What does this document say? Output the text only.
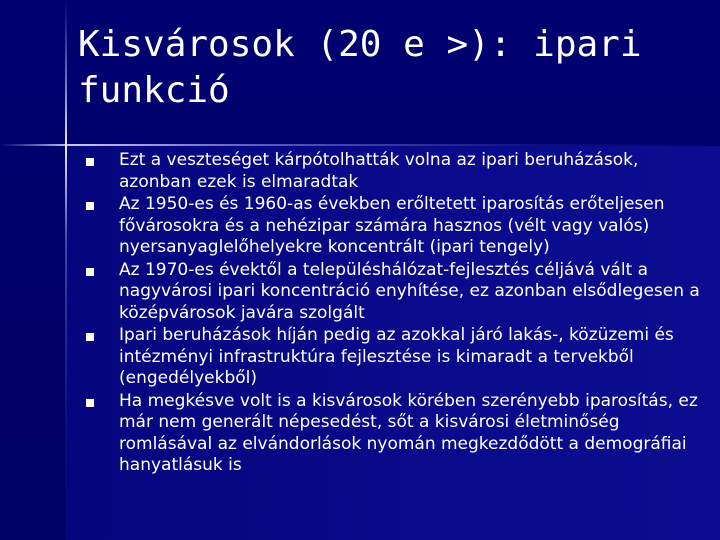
Kisvárosok (20 e >): ipari
funkció
Ezt a veszteséget kárpótolhatták volna az ipari beruházások, azonban ezek is elmaradtak
Az 1950-es és 1960-as években erőltetett iparosítás erőteljesen fővárosokra és a nehézipar számára hasznos (vélt vagy valós) nyersanyaglelőhelyekre koncentrált (ipari tengely)
Az 1970-es évektől a településhálózat-fejlesztés céljává vált a nagyvárosi ipari koncentráció enyhítése, ez azonban elsődlegesen a középvárosok javára szolgált
Ipari beruházások híján pedig az azokkal járó lakás-, közüzemi és intézményi infrastruktúra fejlesztése is kimaradt a tervekből (engedélyekből)
Ha megkésve volt is a kisvárosok körében szerényebb iparosítás, ez már nem generált népesedést, sőt a kisvárosi életminőség romlásával az elvándorlások nyomán megkezdődött a demográfiai hanyatlásuk is
